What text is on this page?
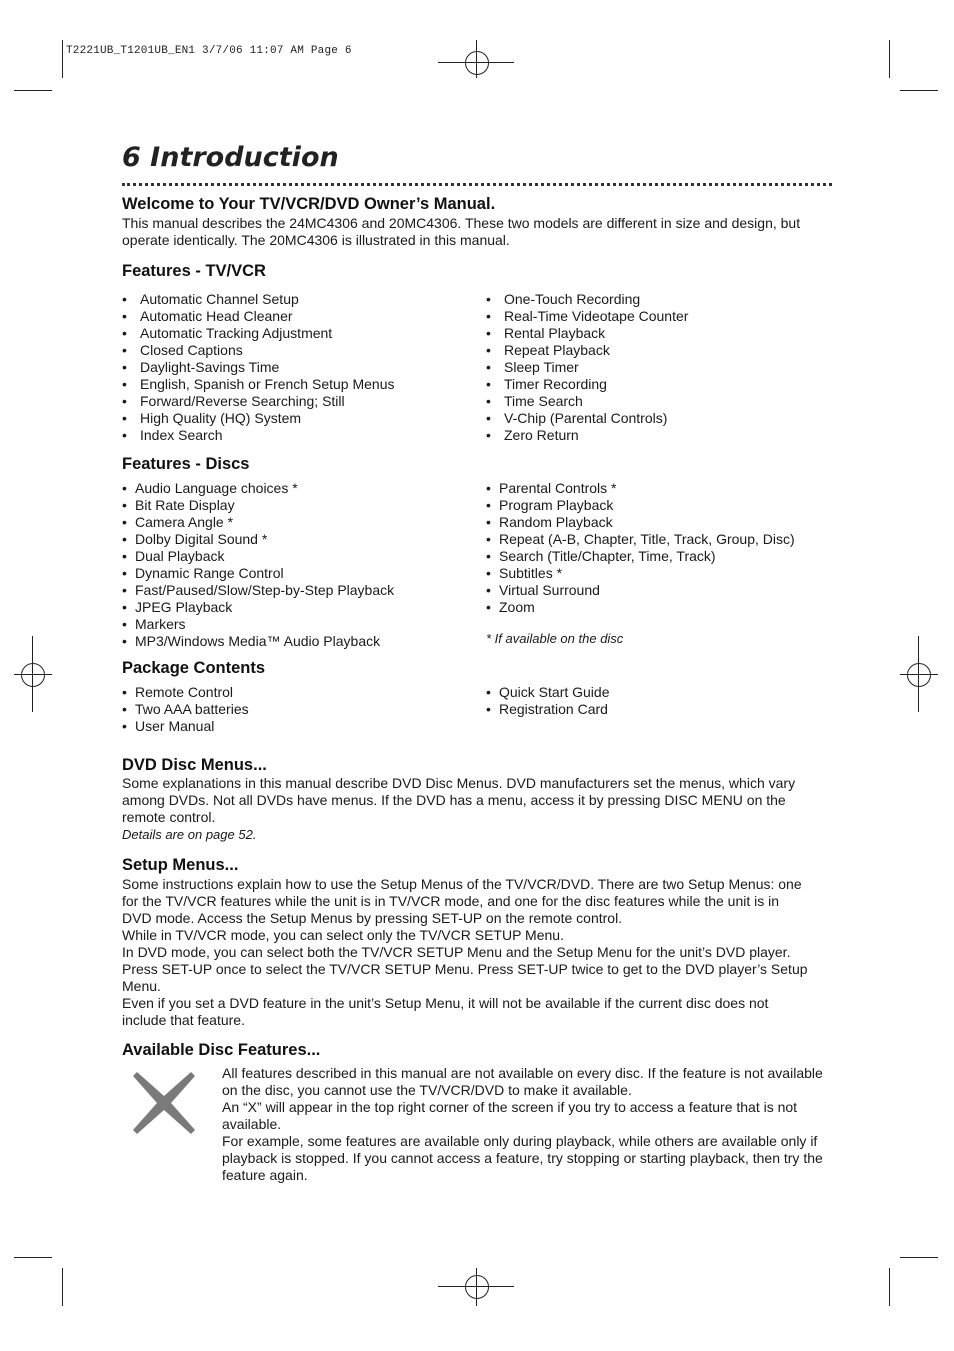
T2221UB_T1201UB_EN1 3/7/06 11:07 AM Page 6
6 Introduction
Welcome to Your TV/VCR/DVD Owner’s Manual.

This manual describes the 24MC4306 and 20MC4306. These two models are different in size and design, but
operate identically. The 20MC4306 is illustrated in this manual.

Features - TV/VCR
• Automatic Channel Setup
• Automatic Head Cleaner
• Automatic Tracking Adjustment
• Closed Captions
• Daylight-Savings Time
• English, Spanish or French Setup Menus
• Forward/Reverse Searching; Still
• High Quality (HQ) System
• Index Search
• One-Touch Recording
• Real-Time Videotape Counter
• Rental Playback
• Repeat Playback
• Sleep Timer
• Timer Recording
• Time Search
• V-Chip (Parental Controls)
• Zero Return
Features - Discs
• Audio Language choices *
• Bit Rate Display
• Camera Angle *
• Dolby Digital Sound *
• Dual Playback
• Dynamic Range Control
• Fast/Paused/Slow/Step-by-Step Playback
• JPEG Playback
• Markers
• MP3/Windows Media™ Audio Playback
• Parental Controls *
• Program Playback
• Random Playback
• Repeat (A-B, Chapter, Title, Track, Group, Disc)
• Search (Title/Chapter, Time, Track)
• Subtitles *
• Virtual Surround
• Zoom
* If available on the disc
Package Contents
• Remote Control
• Two AAA batteries
• User Manual
• Quick Start Guide
• Registration Card
DVD Disc Menus...

Some explanations in this manual describe DVD Disc Menus. DVD manufacturers set the menus, which vary
among DVDs. Not all DVDs have menus. If the DVD has a menu, access it by pressing DISC MENU on the
remote control.
Details are on page 52.

Setup Menus...

Some instructions explain how to use the Setup Menus of the TV/VCR/DVD. There are two Setup Menus: one
for the TV/VCR features while the unit is in TV/VCR mode, and one for the disc features while the unit is in
DVD mode. Access the Setup Menus by pressing SET-UP on the remote control.
While in TV/VCR mode, you can select only the TV/VCR SETUP Menu.
In DVD mode, you can select both the TV/VCR SETUP Menu and the Setup Menu for the unit’s DVD player.
Press SET-UP once to select the TV/VCR SETUP Menu. Press SET-UP twice to get to the DVD player’s Setup
Menu.
Even if you set a DVD feature in the unit’s Setup Menu, it will not be available if the current disc does not
include that feature.

Available Disc Features...

All features described in this manual are not available on every disc. If the feature is not available
on the disc, you cannot use the TV/VCR/DVD to make it available.
An “X” will appear in the top right corner of the screen if you try to access a feature that is not
available.
For example, some features are available only during playback, while others are available only if
playback is stopped. If you cannot access a feature, try stopping or starting playback, then try the
feature again.
